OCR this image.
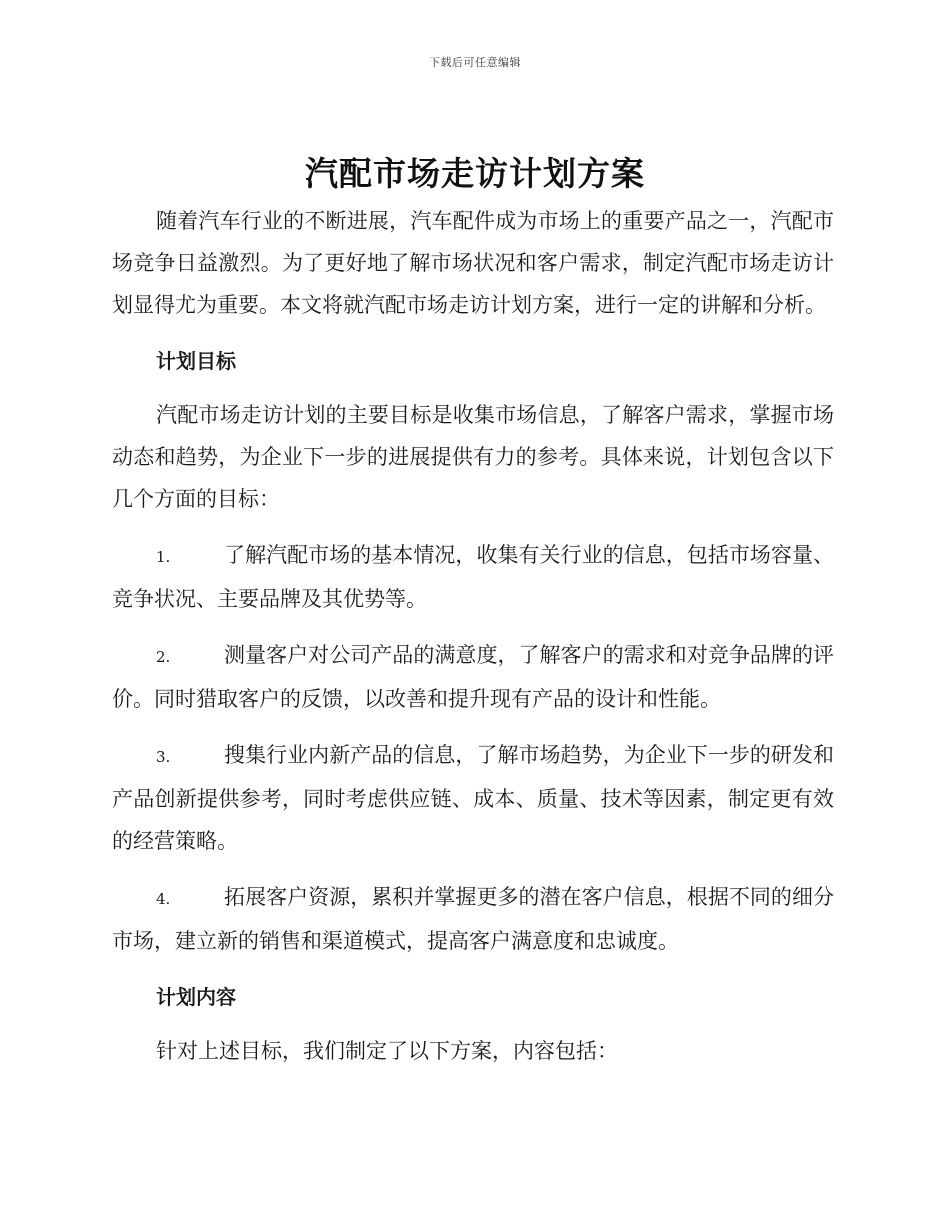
下载后可任意编辑
汽配市场走访计划方案

随着汽车行业的不断进展，汽车配件成为市场上的重要产品之一，汽配市场竞争日益激烈。为了更好地了解市场状况和客户需求，制定汽配市场走访计划显得尤为重要。本文将就汽配市场走访计划方案，进行一定的讲解和分析。

计划目标

汽配市场走访计划的主要目标是收集市场信息，了解客户需求，掌握市场动态和趋势，为企业下一步的进展提供有力的参考。具体来说，计划包含以下几个方面的目标：

1.	了解汽配市场的基本情况，收集有关行业的信息，包括市场容量、竞争状况、主要品牌及其优势等。

2.	测量客户对公司产品的满意度，了解客户的需求和对竞争品牌的评价。同时猎取客户的反馈，以改善和提升现有产品的设计和性能。

3.	搜集行业内新产品的信息，了解市场趋势，为企业下一步的研发和产品创新提供参考，同时考虑供应链、成本、质量、技术等因素，制定更有效的经营策略。

4.	拓展客户资源，累积并掌握更多的潜在客户信息，根据不同的细分市场，建立新的销售和渠道模式，提高客户满意度和忠诚度。

计划内容

针对上述目标，我们制定了以下方案，内容包括：
